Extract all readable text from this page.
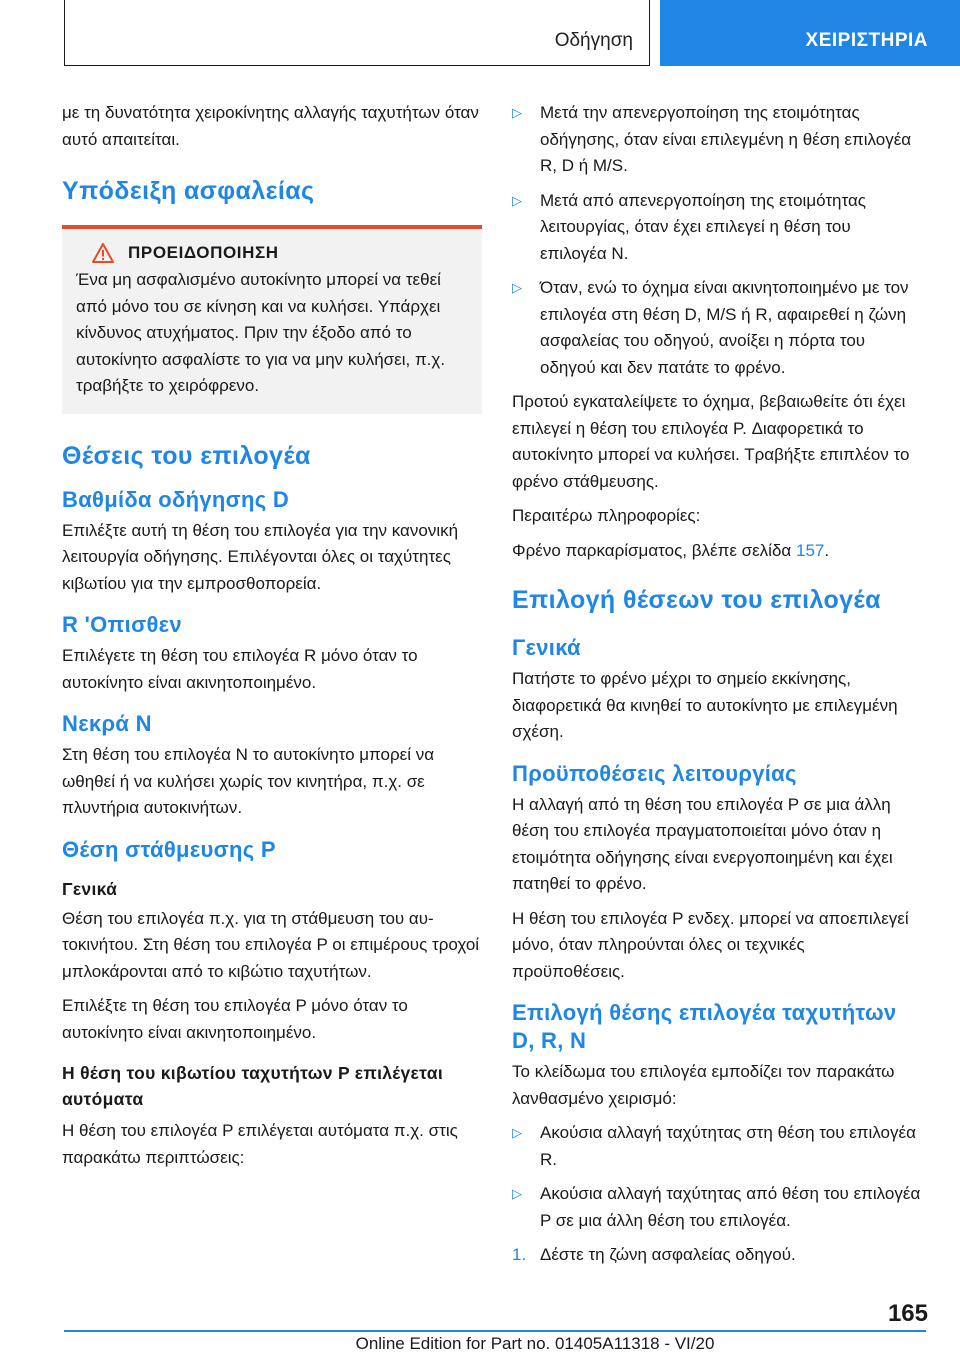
Οδήγηση	ΧΕΙΡΙΣΤΗΡΙΑ

με τη δυνατότητα χειροκίνητης αλλαγής ταχυτήτων όταν αυτό απαιτείται.

Υπόδειξη ασφαλείας
ΠΡΟΕΙΔΟΠΟΙΗΣΗ

Ένα μη ασφαλισμένο αυτοκίνητο μπορεί να τεθεί από μόνο του σε κίνηση και να κυλήσει. Υπάρχει κίνδυνος ατυχήματος. Πριν την έξοδο από το αυτοκίνητο ασφαλίστε το για να μην κυλήσει, π.χ. τραβήξτε το χειρόφρενο.

Θέσεις του επιλογέα
Βαθμίδα οδήγησης D

Επιλέξτε αυτή τη θέση του επιλογέα για την κανονική λειτουργία οδήγησης. Επιλέγονται όλες οι ταχύτητες κιβωτίου για την εμπροσθοπορεία.

R 'Οπισθεν

Επιλέγετε τη θέση του επιλογέα R μόνο όταν το αυτοκίνητο είναι ακινητοποιημένο.

Νεκρά N

Στη θέση του επιλογέα N το αυτοκίνητο μπορεί να ωθηθεί ή να κυλήσει χωρίς τον κινητήρα, π.χ. σε πλυντήρια αυτοκινήτων.

Θέση στάθμευσης P
Γενικά

Θέση του επιλογέα π.χ. για τη στάθμευση του αυτοκινήτου. Στη θέση του επιλογέα P οι επιμέρους τροχοί μπλοκάρονται από το κιβώτιο ταχυτήτων.

Επιλέξτε τη θέση του επιλογέα P μόνο όταν το αυτοκίνητο είναι ακινητοποιημένο.

Η θέση του κιβωτίου ταχυτήτων P επιλέγεται αυτόματα

Η θέση του επιλογέα P επιλέγεται αυτόματα π.χ. στις παρακάτω περιπτώσεις:

▷	Μετά την απενεργοποίηση της ετοιμότητας οδήγησης, όταν είναι επιλεγμένη η θέση επιλογέα R, D ή M/S.

▷	Μετά από απενεργοποίηση της ετοιμότητας λειτουργίας, όταν έχει επιλεγεί η θέση του επιλογέα N.

▷	Όταν, ενώ το όχημα είναι ακινητοποιημένο με τον επιλογέα στη θέση D, M/S ή R, αφαιρεθεί η ζώνη ασφαλείας του οδηγού, ανοίξει η πόρτα του οδηγού και δεν πατάτε το φρένο.

Προτού εγκαταλείψετε το όχημα, βεβαιωθείτε ότι έχει επιλεγεί η θέση του επιλογέα P. Διαφορετικά το αυτοκίνητο μπορεί να κυλήσει. Τραβήξτε επιπλέον το φρένο στάθμευσης.

Περαιτέρω πληροφορίες:

Φρένο παρκαρίσματος, βλέπε σελίδα 157.

Επιλογή θέσεων του επιλογέα
Γενικά

Πατήστε το φρένο μέχρι το σημείο εκκίνησης, διαφορετικά θα κινηθεί το αυτοκίνητο με επιλεγμένη σχέση.

Προϋποθέσεις λειτουργίας

Η αλλαγή από τη θέση του επιλογέα P σε μια άλλη θέση του επιλογέα πραγματοποιείται μόνο όταν η ετοιμότητα οδήγησης είναι ενεργοποιημένη και έχει πατηθεί το φρένο.

Η θέση του επιλογέα P ενδεχ. μπορεί να αποεπιλεγεί μόνο, όταν πληρούνται όλες οι τεχνικές προϋποθέσεις.

Επιλογή θέσης επιλογέα ταχυτήτων D, R, N

Το κλείδωμα του επιλογέα εμποδίζει τον παρακάτω λανθασμένο χειρισμό:

▷	Ακούσια αλλαγή ταχύτητας στη θέση του επιλογέα R.

▷	Ακούσια αλλαγή ταχύτητας από θέση του επιλογέα P σε μια άλλη θέση του επιλογέα.

1. Δέστε τη ζώνη ασφαλείας οδηγού.

165
Online Edition for Part no. 01405A11318 - VI/20
